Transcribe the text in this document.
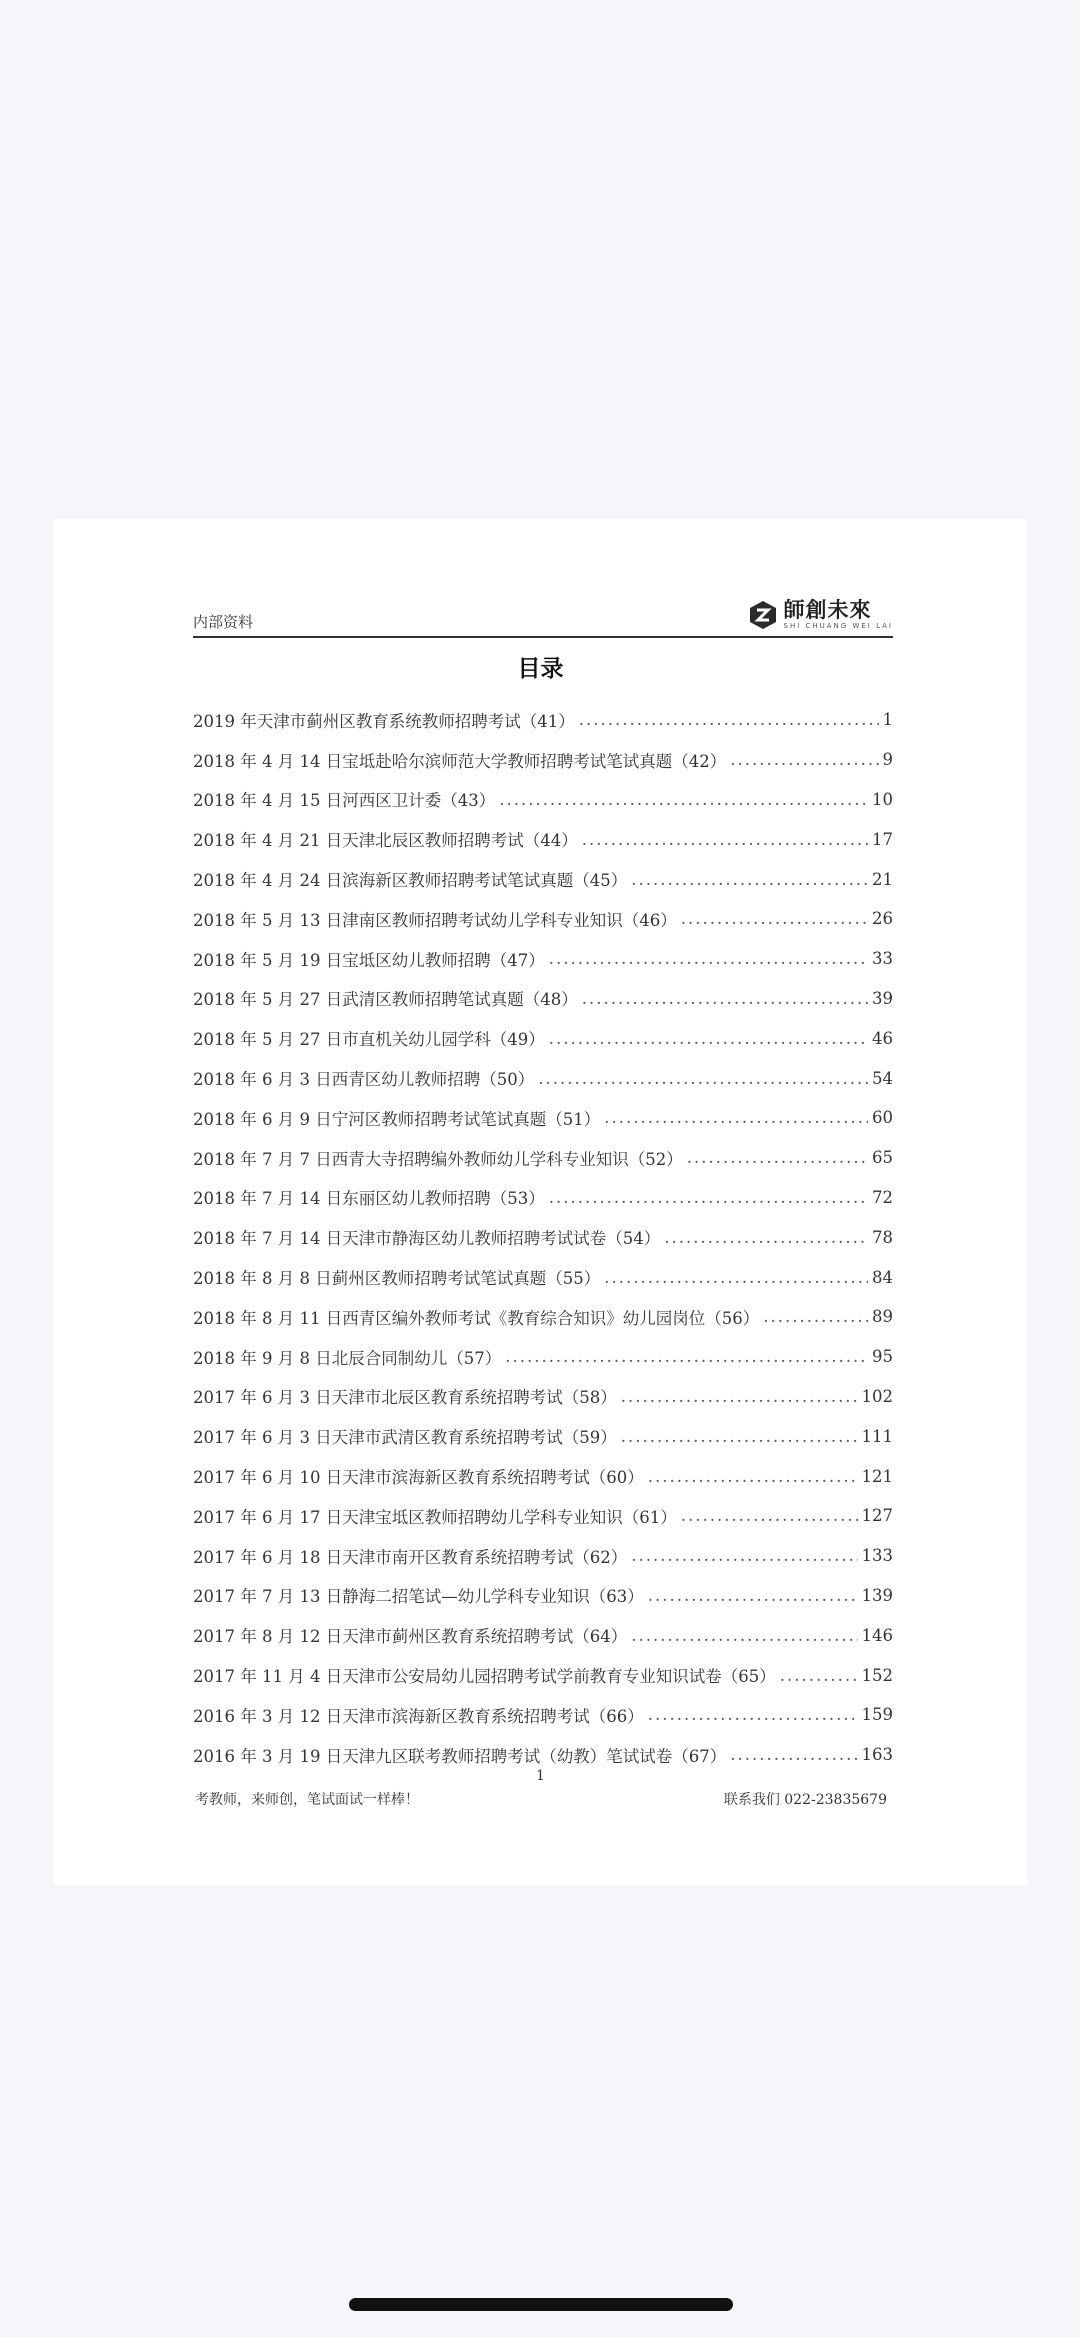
内部资料	師創未來
SHI CHUANG WEI LAI
目录
2019 年天津市蓟州区教育系统教师招聘考试（41） .....	1
2018 年 4 月 14 日宝坻赴哈尔滨师范大学教师招聘考试笔试真题（42） .....	9
2018 年 4 月 15 日河西区卫计委（43） .....	10
2018 年 4 月 21 日天津北辰区教师招聘考试（44） .....	17
2018 年 4 月 24 日滨海新区教师招聘考试笔试真题（45） .....	21
2018 年 5 月 13 日津南区教师招聘考试幼儿学科专业知识（46） .....	26
2018 年 5 月 19 日宝坻区幼儿教师招聘（47） .....	33
2018 年 5 月 27 日武清区教师招聘笔试真题（48） .....	39
2018 年 5 月 27 日市直机关幼儿园学科（49） .....	46
2018 年 6 月 3 日西青区幼儿教师招聘（50） .....	54
2018 年 6 月 9 日宁河区教师招聘考试笔试真题（51） .....	60
2018 年 7 月 7 日西青大寺招聘编外教师幼儿学科专业知识（52） .....	65
2018 年 7 月 14 日东丽区幼儿教师招聘（53） .....	72
2018 年 7 月 14 日天津市静海区幼儿教师招聘考试试卷（54） .....	78
2018 年 8 月 8 日蓟州区教师招聘考试笔试真题（55） .....	84
2018 年 8 月 11 日西青区编外教师考试《教育综合知识》幼儿园岗位（56） .....	89
2018 年 9 月 8 日北辰合同制幼儿（57） .....	95
2017 年 6 月 3 日天津市北辰区教育系统招聘考试（58） .....	102
2017 年 6 月 3 日天津市武清区教育系统招聘考试（59） .....	111
2017 年 6 月 10 日天津市滨海新区教育系统招聘考试（60） .....	121
2017 年 6 月 17 日天津宝坻区教师招聘幼儿学科专业知识（61） .....	127
2017 年 6 月 18 日天津市南开区教育系统招聘考试（62） .....	133
2017 年 7 月 13 日静海二招笔试—幼儿学科专业知识（63） .....	139
2017 年 8 月 12 日天津市蓟州区教育系统招聘考试（64） .....	146
2017 年 11 月 4 日天津市公安局幼儿园招聘考试学前教育专业知识试卷（65） .....	152
2016 年 3 月 12 日天津市滨海新区教育系统招聘考试（66） .....	159
2016 年 3 月 19 日天津九区联考教师招聘考试（幼教）笔试试卷（67） .....	163
1
考教师，来师创，笔试面试一样棒！	联系我们 022-23835679
